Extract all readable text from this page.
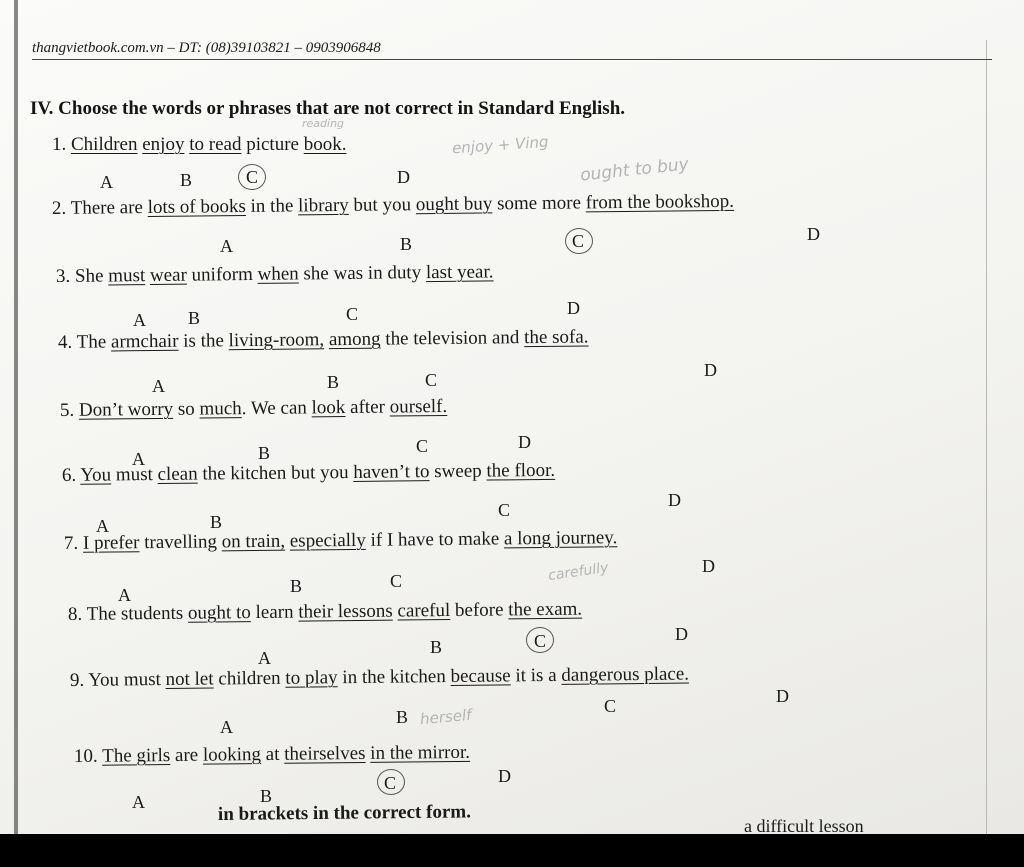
thangvietbook.com.vn – DT: (08)39103821 – 0903906848
IV. Choose the words or phrases that are not correct in Standard English.
1. Children enjoy to read picture book.
A	B	C	D
reading
enjoy + Ving
2. There are lots of books in the library but you ought buy some more from the bookshop.
A	B	C	D
ought to buy
3. She must wear uniform when she was in duty last year.
A B	C	D
4. The armchair is the living-room, among the television and the sofa.
A	B	C	D
5. Don’t worry so much. We can look after ourself.
A	B	C	D
6. You must clean the kitchen but you haven’t to sweep the floor.
A	B
C	D
7. I prefer travelling on train, especially if I have to make a long journey.
A	B	C
D
8. The students ought to learn their lessons careful before the exam.
A
B	C	D
carefully
9. You must not let children to play in the kitchen because it is a dangerous place.
A	B
C	D
herself
10. The girls are looking at theirselves in the mirror.
A	B
C	D
in brackets in the correct form.
a difficult lesson
